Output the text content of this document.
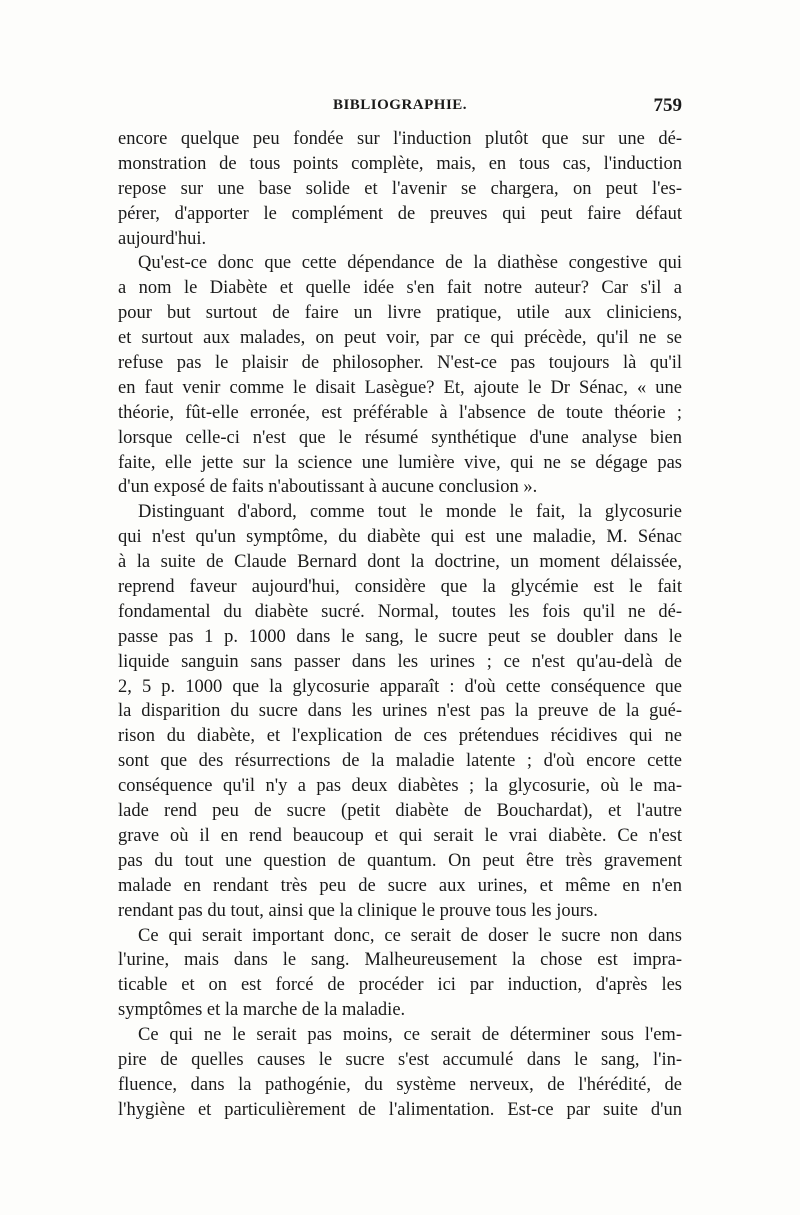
BIBLIOGRAPHIE.	759
encore quelque peu fondée sur l'induction plutôt que sur une dé-
monstration de tous points complète, mais, en tous cas, l'induction
repose sur une base solide et l'avenir se chargera, on peut l'es-
pérer, d'apporter le complément de preuves qui peut faire défaut
aujourd'hui.
Qu'est-ce donc que cette dépendance de la diathèse congestive qui
a nom le Diabète et quelle idée s'en fait notre auteur? Car s'il a
pour but surtout de faire un livre pratique, utile aux cliniciens,
et surtout aux malades, on peut voir, par ce qui précède, qu'il ne se
refuse pas le plaisir de philosopher. N'est-ce pas toujours là qu'il
en faut venir comme le disait Lasègue? Et, ajoute le Dr Sénac, « une
théorie, fût-elle erronée, est préférable à l'absence de toute théorie ;
lorsque celle-ci n'est que le résumé synthétique d'une analyse bien
faite, elle jette sur la science une lumière vive, qui ne se dégage pas
d'un exposé de faits n'aboutissant à aucune conclusion ».
Distinguant d'abord, comme tout le monde le fait, la glycosurie
qui n'est qu'un symptôme, du diabète qui est une maladie, M. Sénac
à la suite de Claude Bernard dont la doctrine, un moment délaissée,
reprend faveur aujourd'hui, considère que la glycémie est le fait
fondamental du diabète sucré. Normal, toutes les fois qu'il ne dé-
passe pas 1 p. 1000 dans le sang, le sucre peut se doubler dans le
liquide sanguin sans passer dans les urines ; ce n'est qu'au-delà de
2, 5 p. 1000 que la glycosurie apparaît : d'où cette conséquence que
la disparition du sucre dans les urines n'est pas la preuve de la gué-
rison du diabète, et l'explication de ces prétendues récidives qui ne
sont que des résurrections de la maladie latente ; d'où encore cette
conséquence qu'il n'y a pas deux diabètes ; la glycosurie, où le ma-
lade rend peu de sucre (petit diabète de Bouchardat), et l'autre
grave où il en rend beaucoup et qui serait le vrai diabète. Ce n'est
pas du tout une question de quantum. On peut être très gravement
malade en rendant très peu de sucre aux urines, et même en n'en
rendant pas du tout, ainsi que la clinique le prouve tous les jours.
Ce qui serait important donc, ce serait de doser le sucre non dans
l'urine, mais dans le sang. Malheureusement la chose est impra-
ticable et on est forcé de procéder ici par induction, d'après les
symptômes et la marche de la maladie.
Ce qui ne le serait pas moins, ce serait de déterminer sous l'em-
pire de quelles causes le sucre s'est accumulé dans le sang, l'in-
fluence, dans la pathogénie, du système nerveux, de l'hérédité, de
l'hygiène et particulièrement de l'alimentation. Est-ce par suite d'un
